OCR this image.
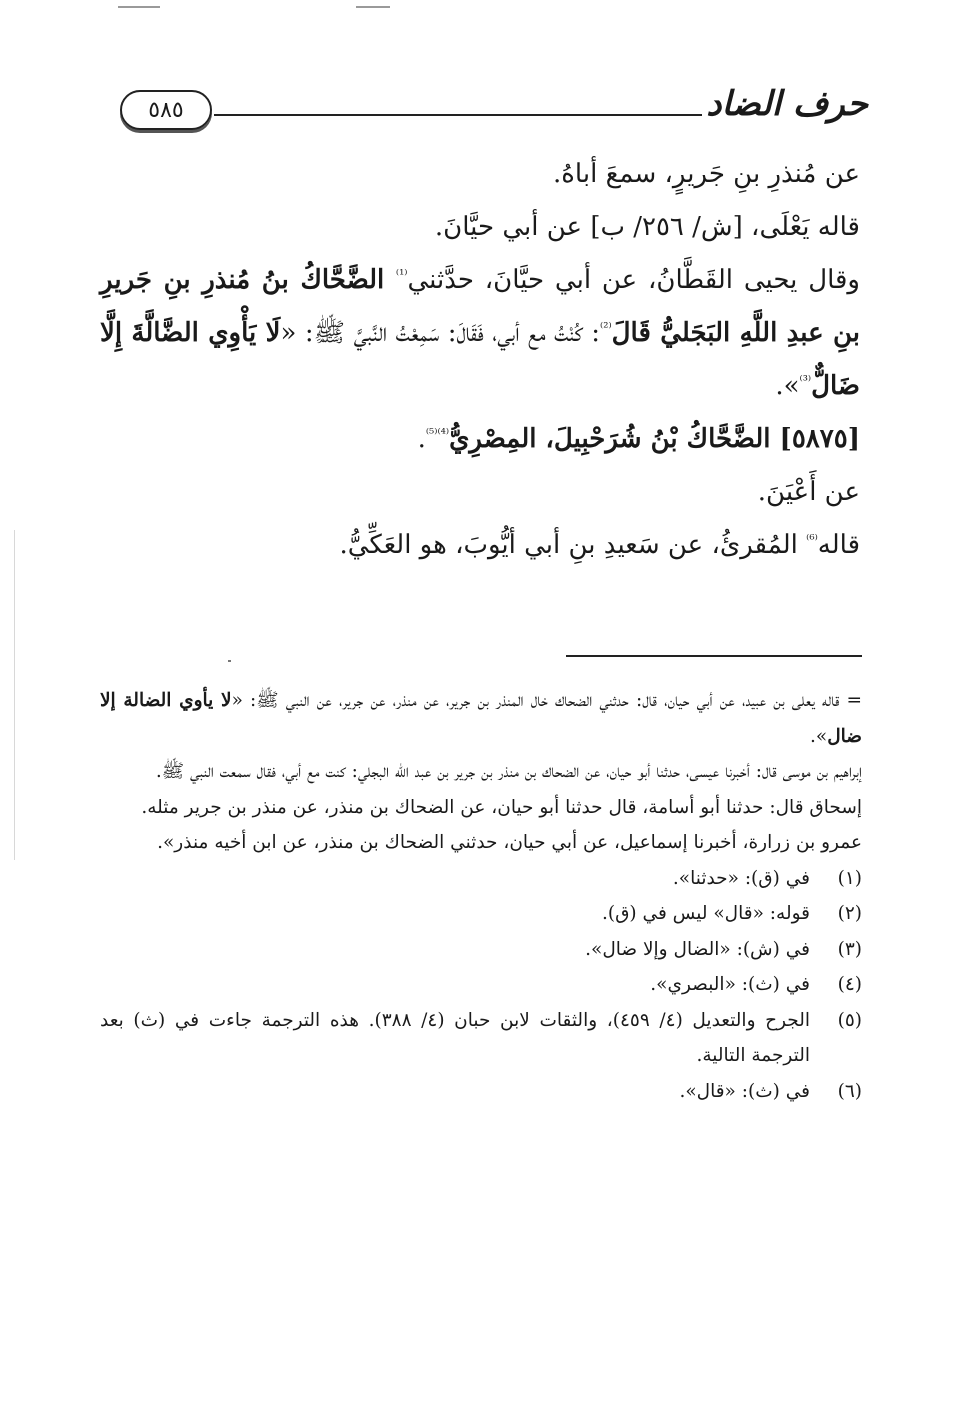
٥٨٥	حرف الضاد

عن مُنذرِ بنِ جَريرٍ، سمعَ أباهُ.

قاله يَعْلَى، [ش/ ٢٥٦/ ب] عن أبي حيَّانَ.

وقال يحيى القَطَّانُ، عن أبي حيَّانَ، حدَّثني$^{^{(1)}}$ الضَّحَّاكُ بنُ مُنذرِ بنِ جَريرِ بنِ عبدِ اللَّهِ البَجَليُّ قَالَ$^{^{(2)}}$: كُنْتُ مع أبي، فَقَالَ: سَمِعْتُ النَّبيَّ ﷺ: «لَا يَأْوِي الضَّالَّةَ إِلَّا ضَالٌّ$^{^{(3)}}$».

[٥٨٧٥] الضَّحَّاكُ بْنُ شُرَحْبِيلَ، المِصْرِيُّ$^{^{(4)(5)}}$.

عن أَعْيَنَ.

قاله$^{^{(6)}}$ المُقرئُ، عن سَعيدِ بنِ أبي أيُّوبَ، هو العَكِّيُّ.

= قاله يعلى بن عبيد، عن أبي حيان، قال: حدثني الضحاك خال المنذر بن جرير، عن منذر، عن جرير، عن النبي ﷺ: «لا يأوي الضالة إلا ضال».

إبراهيم بن موسى قال: أخبرنا عيسى، حدثنا أبو حيان، عن الضحاك بن منذر بن جرير بن عبد الله البجلي: كنت مع أبي، فقال سمعت النبي ﷺ.

إسحاق قال: حدثنا أبو أسامة، قال حدثنا أبو حيان، عن الضحاك بن منذر، عن منذر بن جرير مثله.

عمرو بن زرارة، أخبرنا إسماعيل، عن أبي حيان، حدثني الضحاك بن منذر، عن ابن أخيه منذر».

(١)
في (ق): «حدثنا».
(٢)
قوله: «قال» ليس في (ق).
(٣)
في (ش): «الضال وإلا ضال».
(٤)
في (ث): «البصري».
(٥)
الجرح والتعديل (٤/ ٤٥٩)، والثقات لابن حبان (٤/ ٣٨٨). هذه الترجمة جاءت في (ث) بعد الترجمة التالية.
(٦)
في (ث): «قال».
